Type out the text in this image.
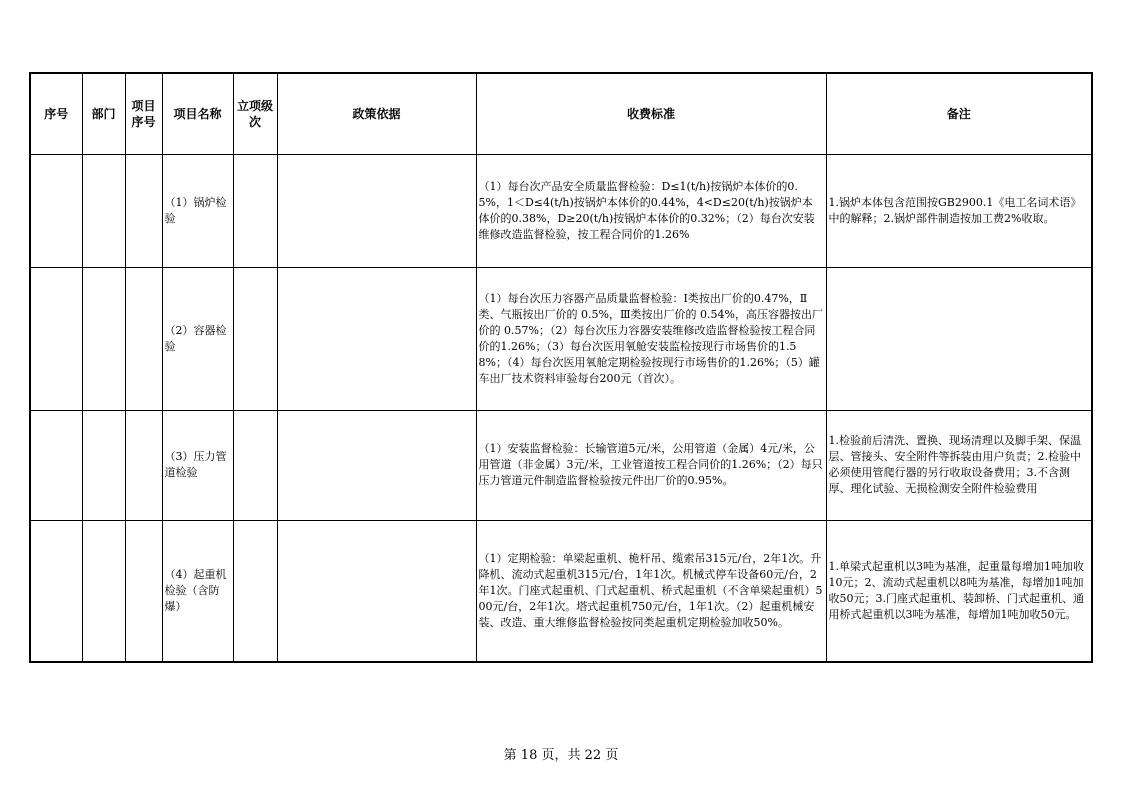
序号	部门	项目序号	项目名称	立项级次	政策依据	收费标准	备注
			（1）锅炉检验			（1）每台次产品安全质量监督检验：D≤1(t/h)按锅炉本体价的0.5%，1＜D≤4(t/h)按锅炉本体价的0.44%，4<D≤20(t/h)按锅炉本体价的0.38%，D≥20(t/h)按锅炉本体价的0.32%；（2）每台次安装维修改造监督检验，按工程合同价的1.26%	1.锅炉本体包含范围按GB2900.1《电工名词术语》中的解释；2.锅炉部件制造按加工费2%收取。
			（2）容器检验			（1）每台次压力容器产品质量监督检验：I类按出厂价的0.47%，Ⅱ类、气瓶按出厂价的 0.5%，Ⅲ类按出厂价的 0.54%，高压容器按出厂价的 0.57%；（2）每台次压力容器安装维修改造监督检验按工程合同价的1.26%；（3）每台次医用氧舱安装监检按现行市场售价的1.58%；（4）每台次医用氧舱定期检验按现行市场售价的1.26%；（5）罐车出厂技术资料审验每台200元（首次）。	
			（3）压力管道检验			（1）安装监督检验：长输管道5元/米，公用管道（金属）4元/米，公用管道（非金属）3元/米，工业管道按工程合同价的1.26%；（2）每只压力管道元件制造监督检验按元件出厂价的0.95%。	1.检验前后清洗、置换、现场清理以及脚手架、保温层、管接头、安全附件等拆装由用户负责；2.检验中必须使用管爬行器的另行收取设备费用；3.不含测厚、理化试验、无损检测安全附件检验费用
			（4）起重机检验（含防爆）			（1）定期检验：单梁起重机、桅杆吊、缆索吊315元/台，2年1次。升降机、流动式起重机315元/台，1年1次。机械式停车设备60元/台，2年1次。门座式起重机、门式起重机、桥式起重机（不含单梁起重机）500元/台，2年1次。塔式起重机750元/台，1年1次。（2）起重机械安装、改造、重大维修监督检验按同类起重机定期检验加收50%。	1.单梁式起重机以3吨为基准，起重量每增加1吨加收10元；2、流动式起重机以8吨为基准，每增加1吨加收50元；3.门座式起重机、装卸桥、门式起重机、通用桥式起重机以3吨为基准，每增加1吨加收50元。
第 18 页，共 22 页
